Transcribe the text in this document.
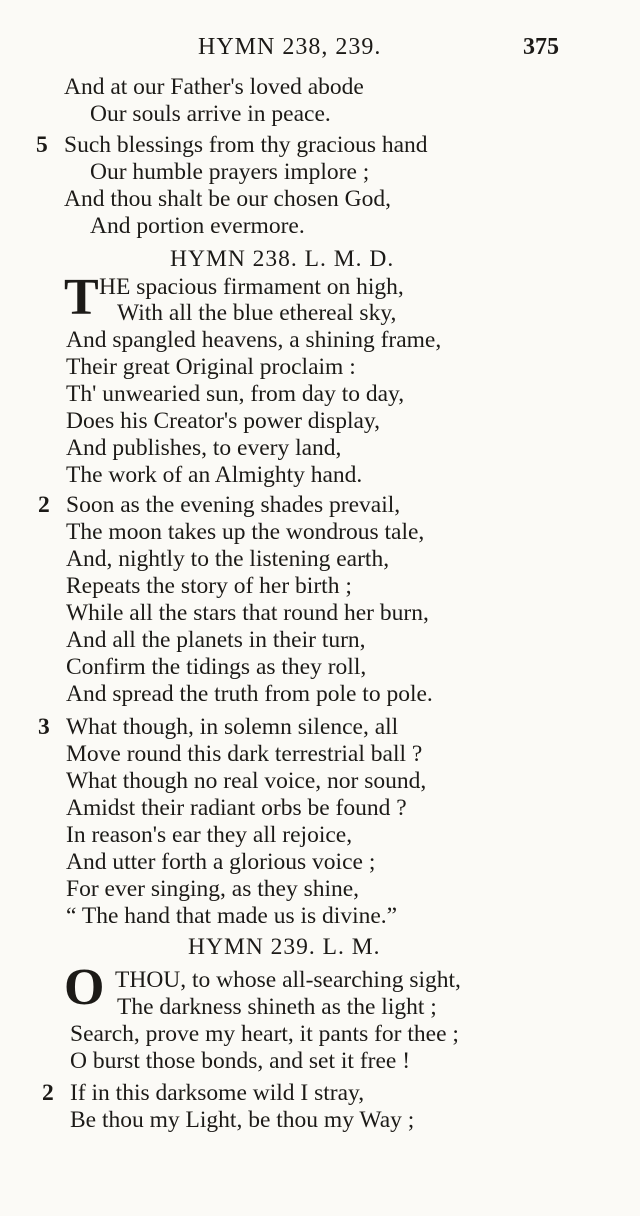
HYMN 238, 239.	375
And at our Father's loved abode
Our souls arrive in peace.
5 Such blessings from thy gracious hand
Our humble prayers implore ;
And thou shalt be our chosen God,
And portion evermore.
HYMN 238. L. M. D.
T HE spacious firmament on high,
With all the blue ethereal sky,
And spangled heavens, a shining frame,
Their great Original proclaim :
Th' unwearied sun, from day to day,
Does his Creator's power display,
And publishes, to every land,
The work of an Almighty hand.
2 Soon as the evening shades prevail,
The moon takes up the wondrous tale,
And, nightly to the listening earth,
Repeats the story of her birth ;
While all the stars that round her burn,
And all the planets in their turn,
Confirm the tidings as they roll,
And spread the truth from pole to pole.
3 What though, in solemn silence, all
Move round this dark terrestrial ball ?
What though no real voice, nor sound,
Amidst their radiant orbs be found ?
In reason's ear they all rejoice,
And utter forth a glorious voice ;
For ever singing, as they shine,
“ The hand that made us is divine.”
HYMN 239. L. M.
O THOU, to whose all-searching sight,
The darkness shineth as the light ;
Search, prove my heart, it pants for thee ;
O burst those bonds, and set it free !
2 If in this darksome wild I stray,
Be thou my Light, be thou my Way ;
